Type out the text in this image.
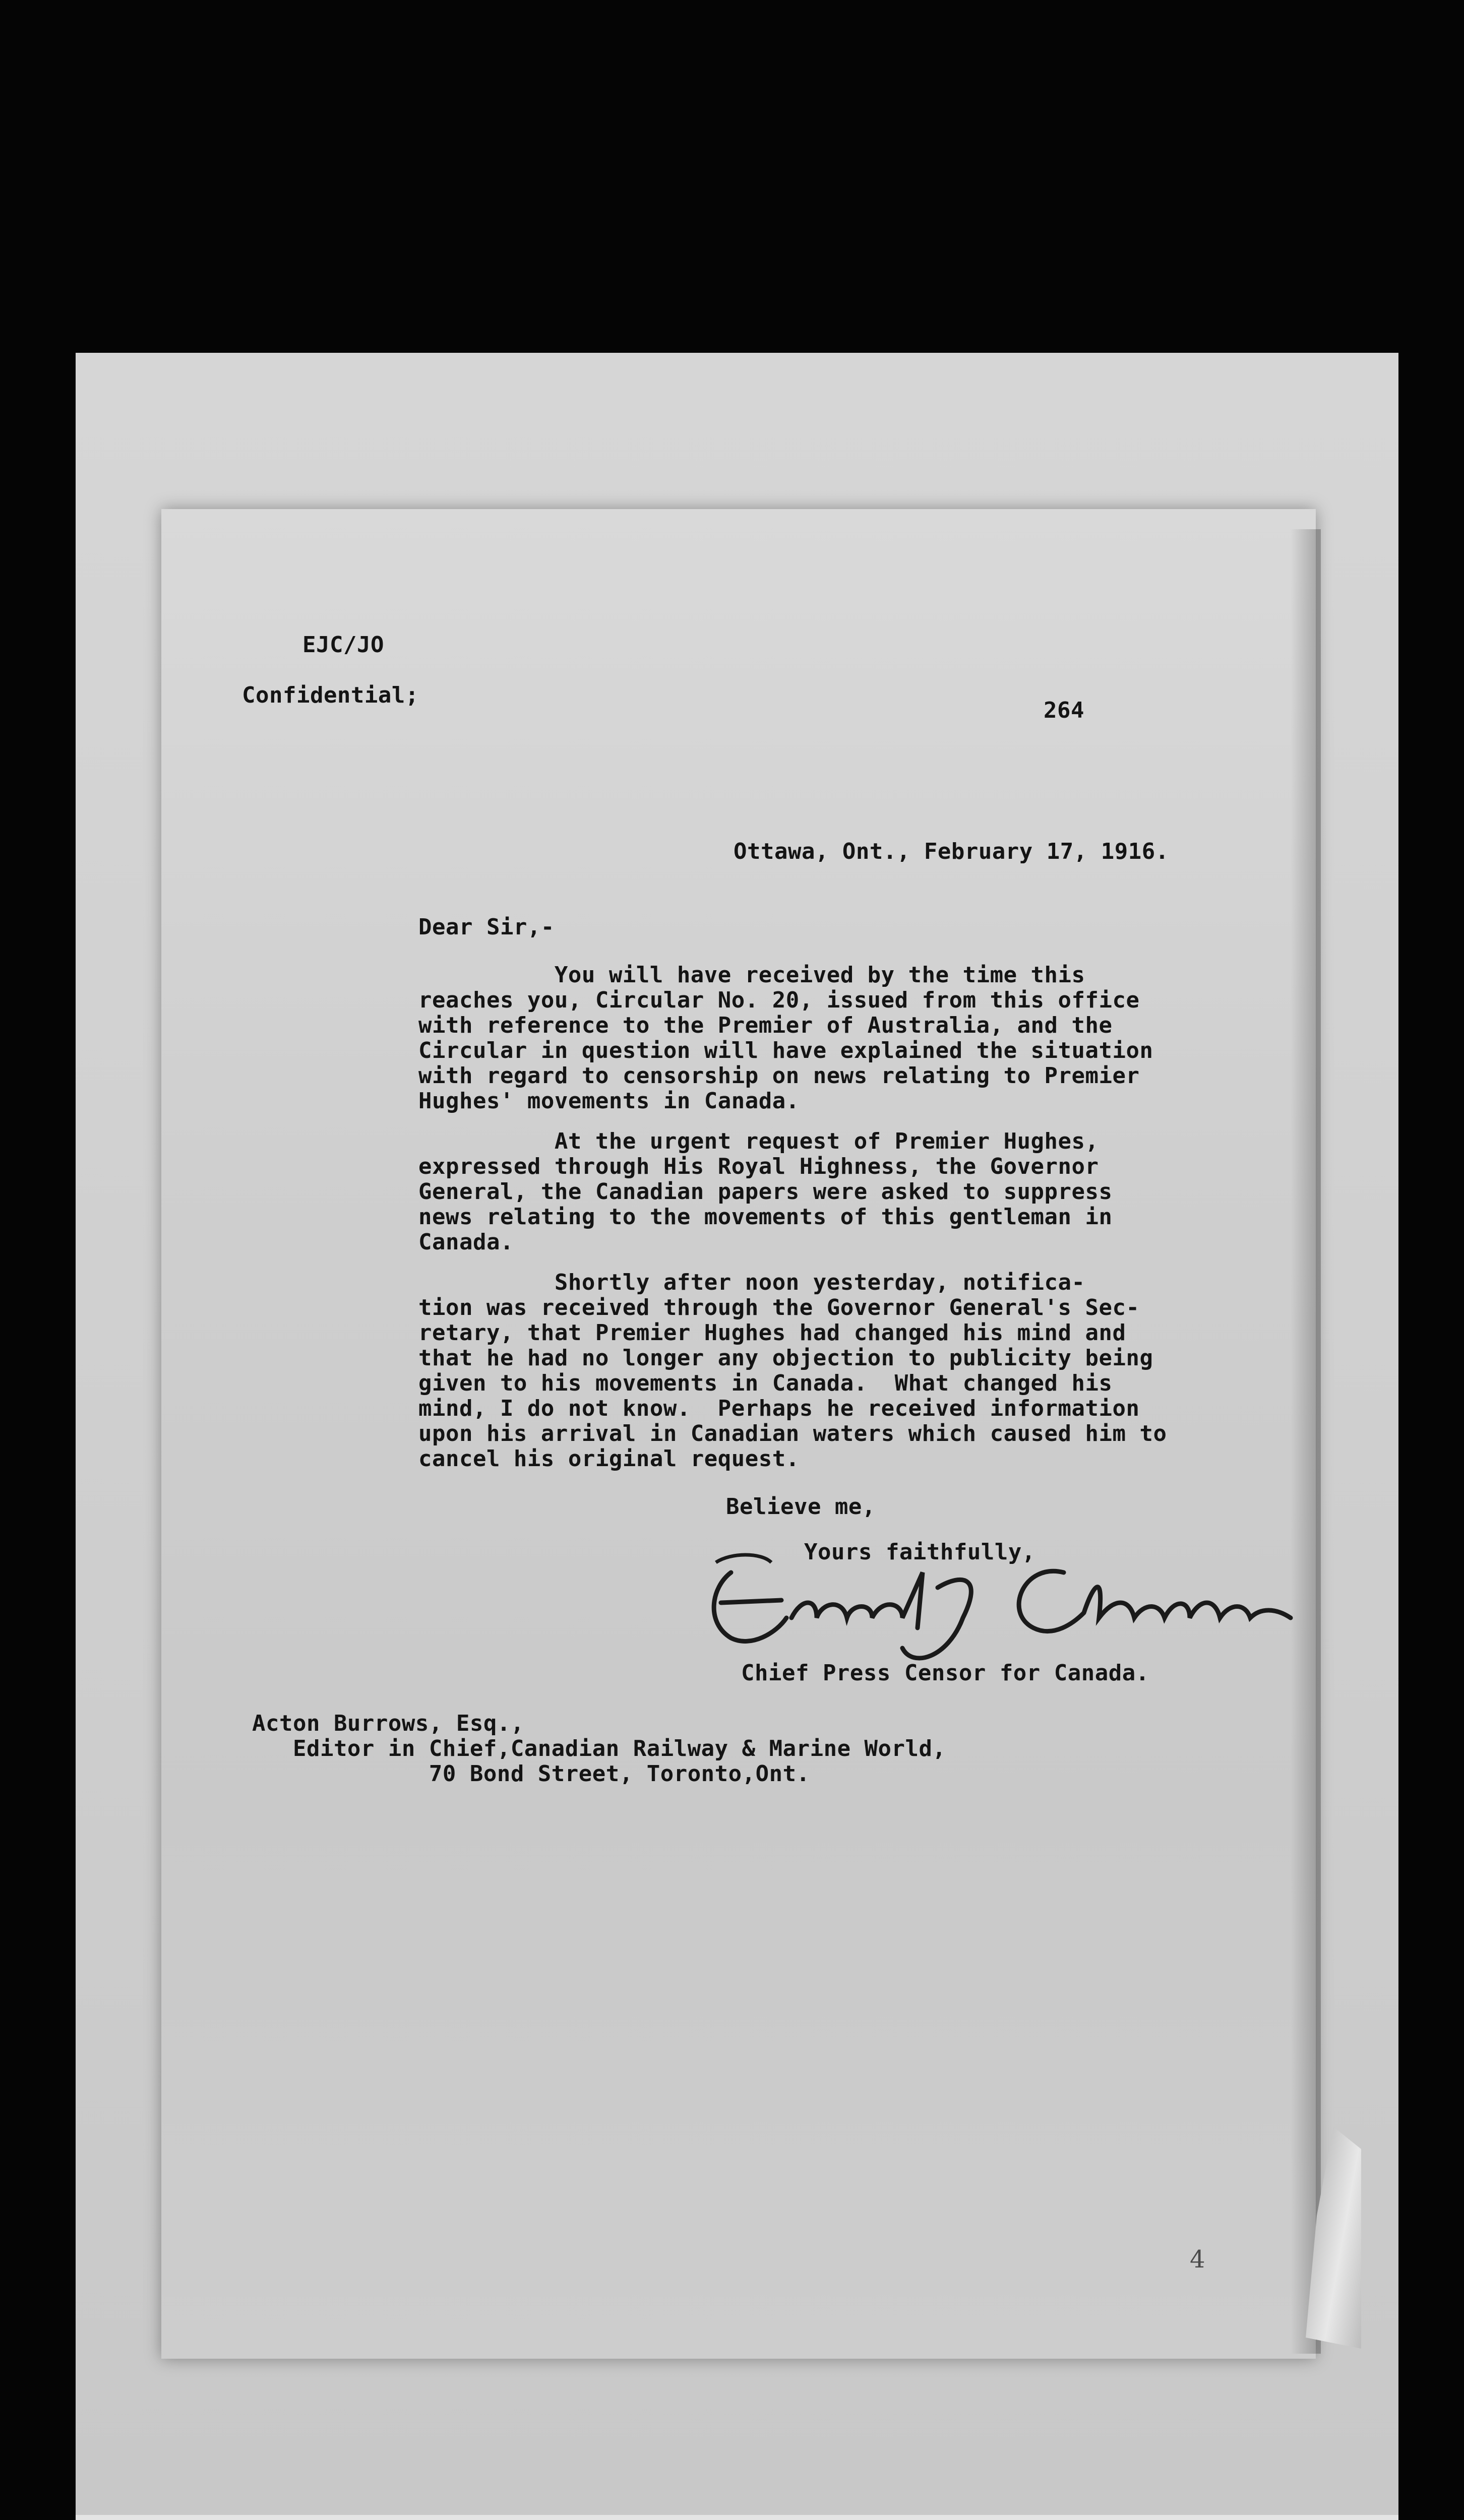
EJC/JO
Confidential;
264
Ottawa, Ont., February 17, 1916.
Dear Sir,-
You will have received by the time this
reaches you, Circular No. 20, issued from this office
with reference to the Premier of Australia, and the
Circular in question will have explained the situation
with regard to censorship on news relating to Premier
Hughes' movements in Canada.
At the urgent request of Premier Hughes,
expressed through His Royal Highness, the Governor
General, the Canadian papers were asked to suppress
news relating to the movements of this gentleman in
Canada.
Shortly after noon yesterday, notifica-
tion was received through the Governor General's Sec-
retary, that Premier Hughes had changed his mind and
that he had no longer any objection to publicity being
given to his movements in Canada.  What changed his
mind, I do not know.  Perhaps he received information
upon his arrival in Canadian waters which caused him to
cancel his original request.
Believe me,
Yours faithfully,
Chief Press Censor for Canada.
Acton Burrows, Esq.,
Editor in Chief,Canadian Railway & Marine World,
70 Bond Street, Toronto,Ont.
4
